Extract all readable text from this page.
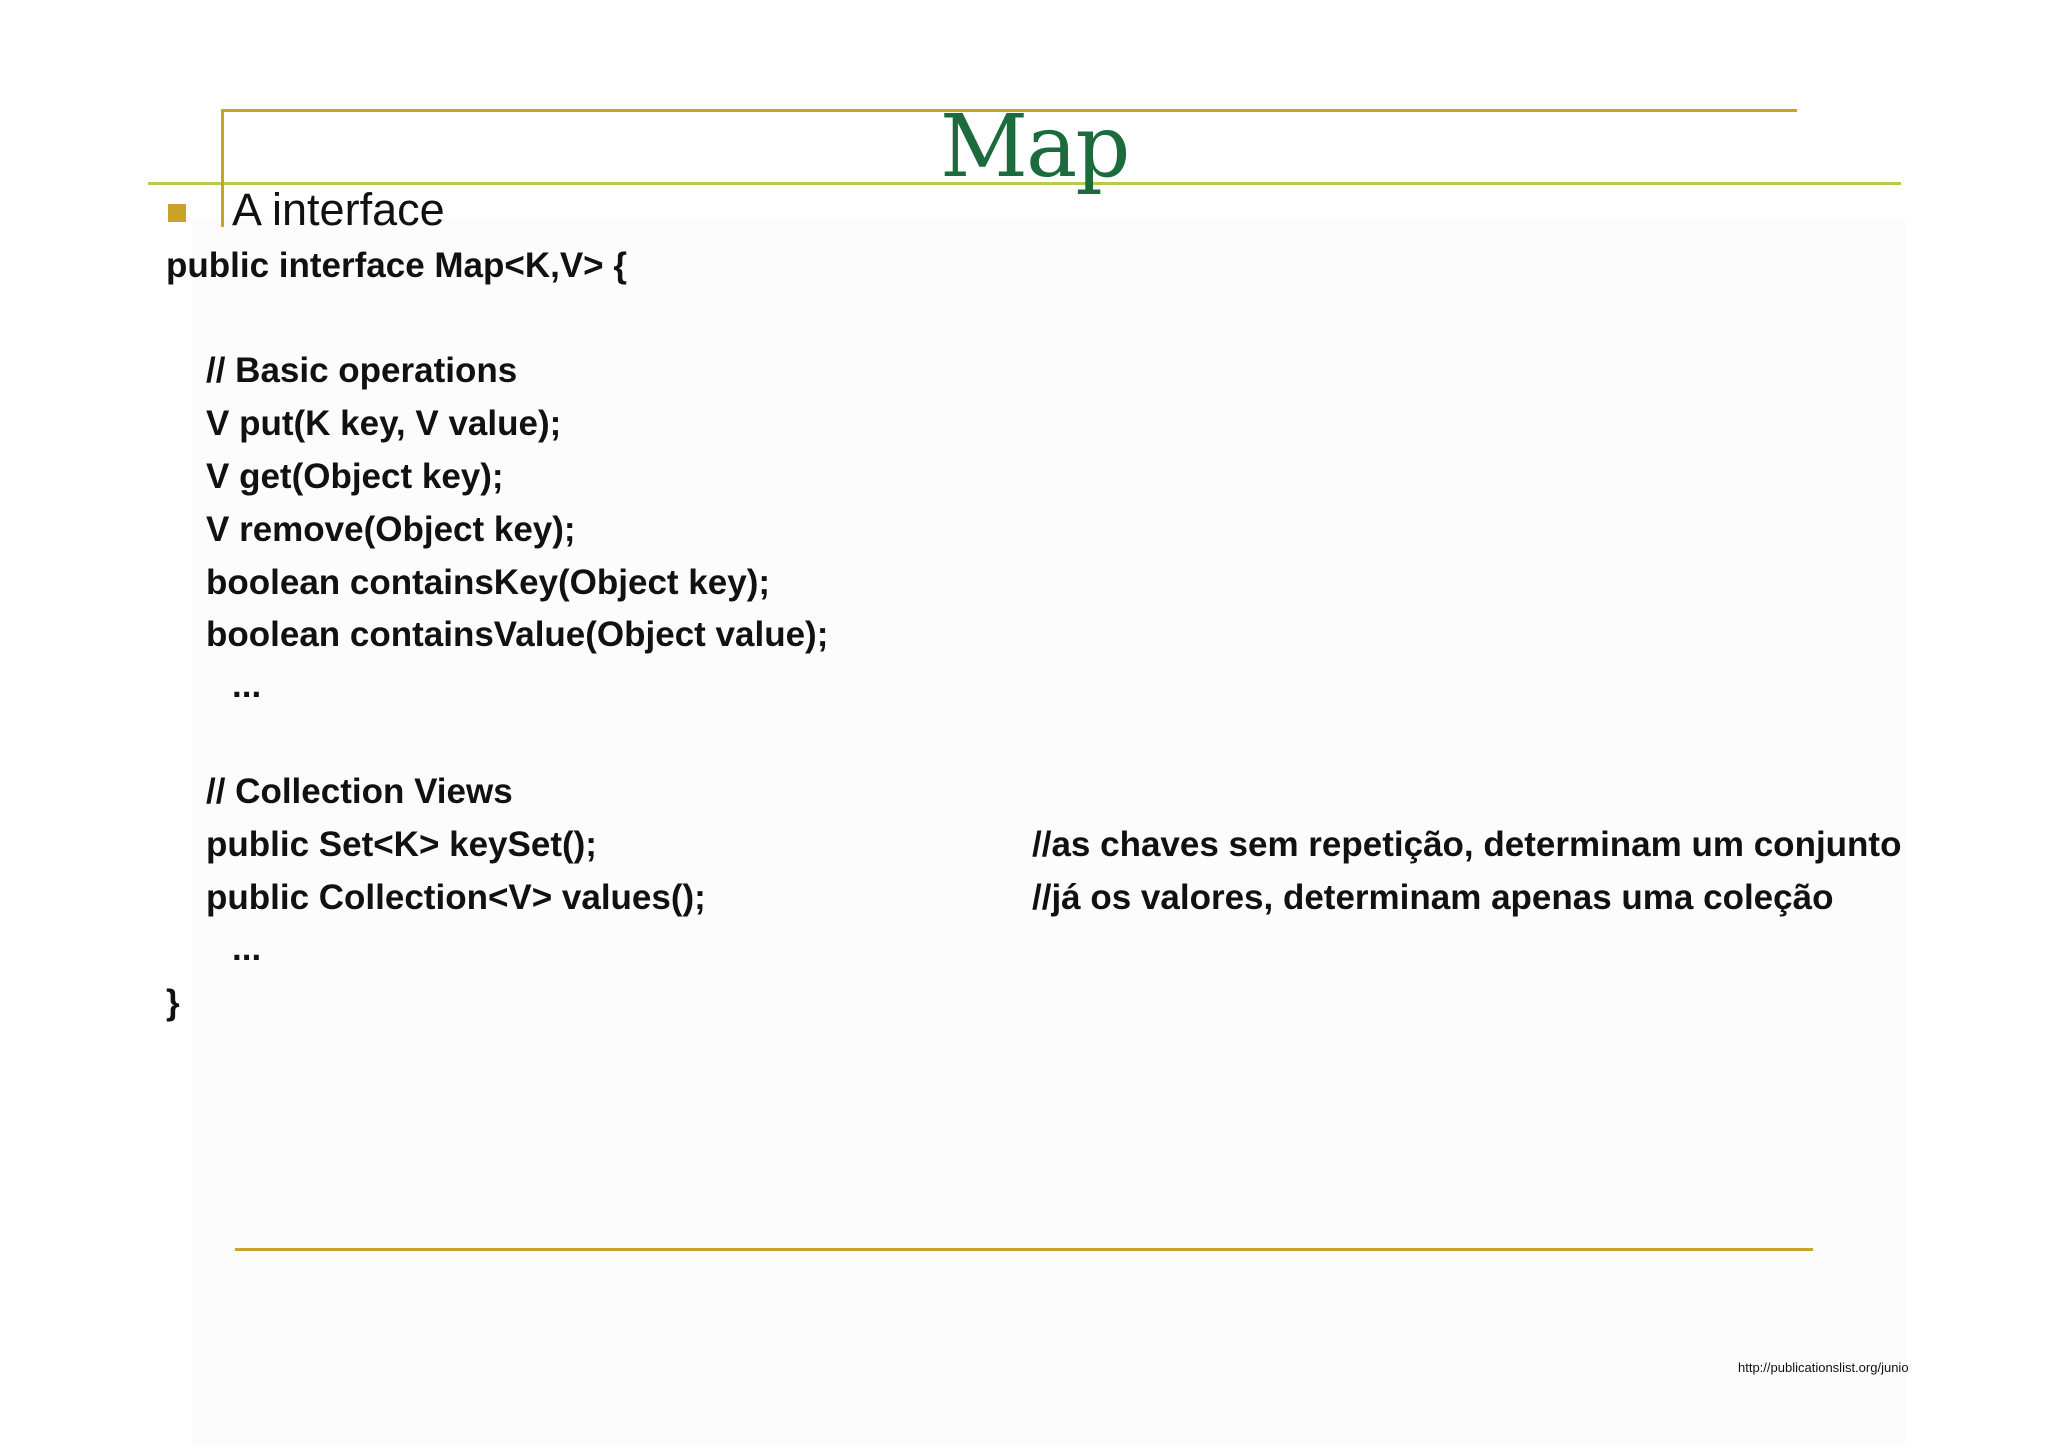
Map
A interface
public interface Map<K,V> {
// Basic operations
V put(K key, V value);
V get(Object key);
V remove(Object key);
boolean containsKey(Object key);
boolean containsValue(Object value);
...
// Collection Views
public Set<K> keySet();	//as chaves sem repetição, determinam um conjunto
public Collection<V> values();	//já os valores, determinam apenas uma coleção
...
}
http://publicationslist.org/junio
